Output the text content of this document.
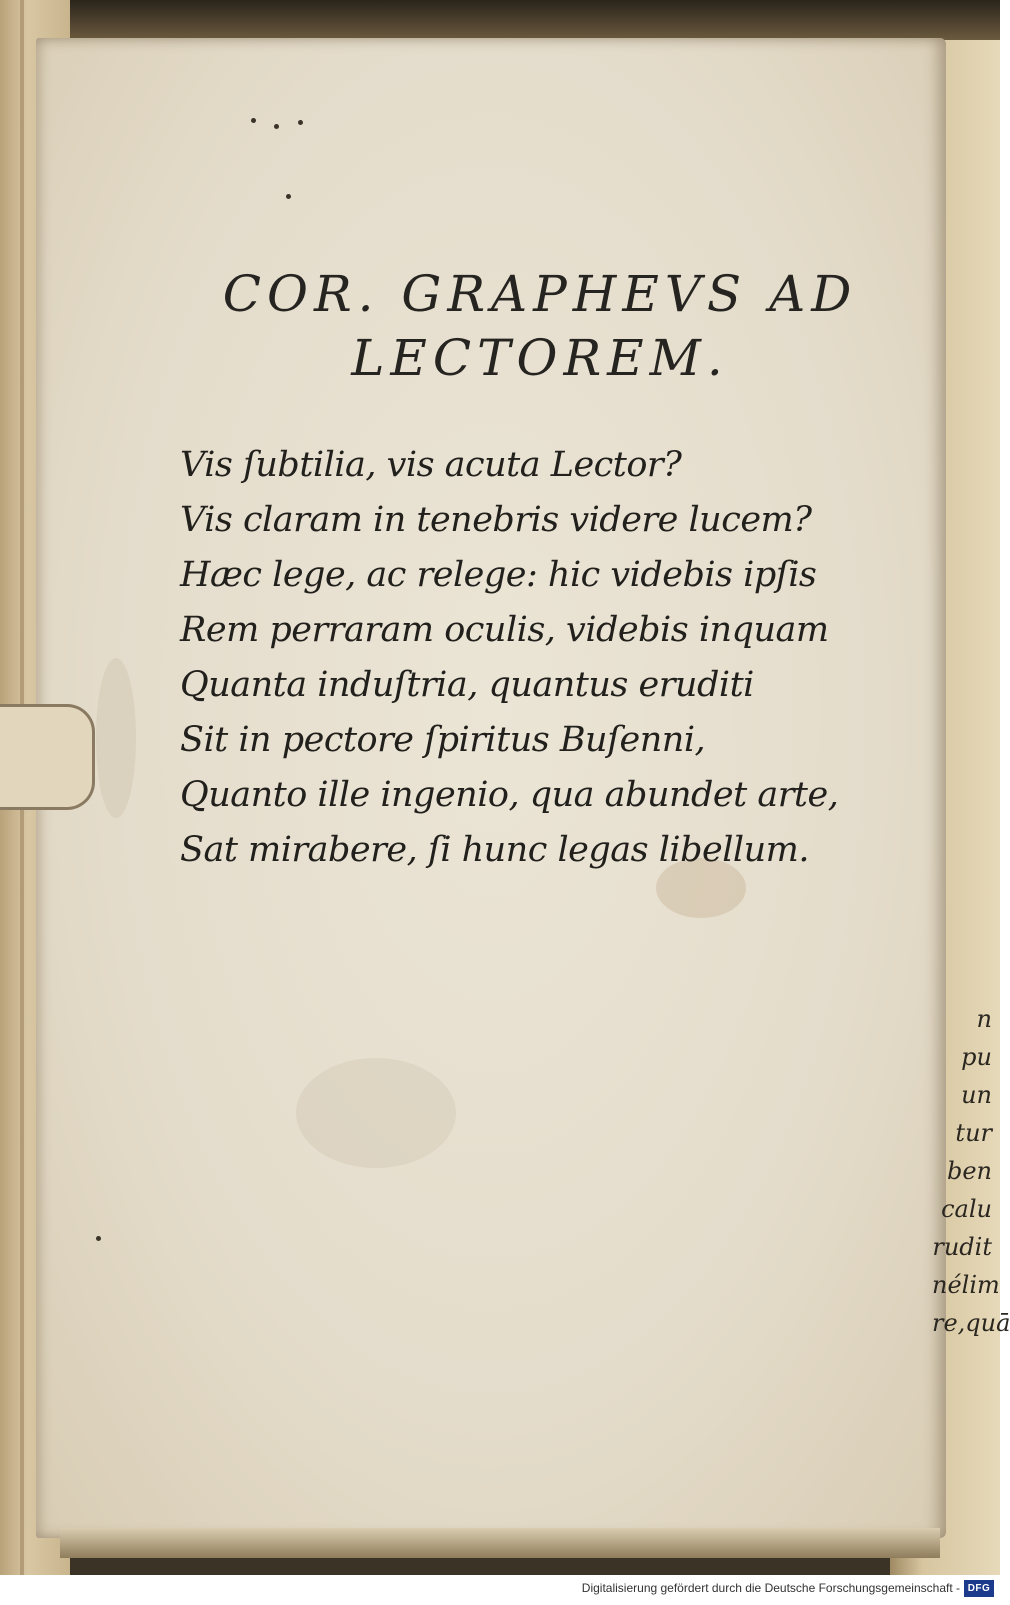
COR. GRAPHEVS AD
LECTOREM.
Vis ſubtilia, vis acuta Lector?
Vis claram in tenebris videre lucem?
Hæc lege, ac relege: hic videbis ipſis
Rem perraram oculis, videbis inquam
Quanta induſtria, quantus eruditi
Sit in pectore ſpiritus Buſenni,
Quanto ille ingenio, qua abundet arte,
Sat mirabere, ſi hunc legas libellum.
n
pu
un
tur
ben
calu
rudit
nélim
re,quā
Digitalisierung gefördert durch die Deutsche Forschungsgemeinschaft - DFG
